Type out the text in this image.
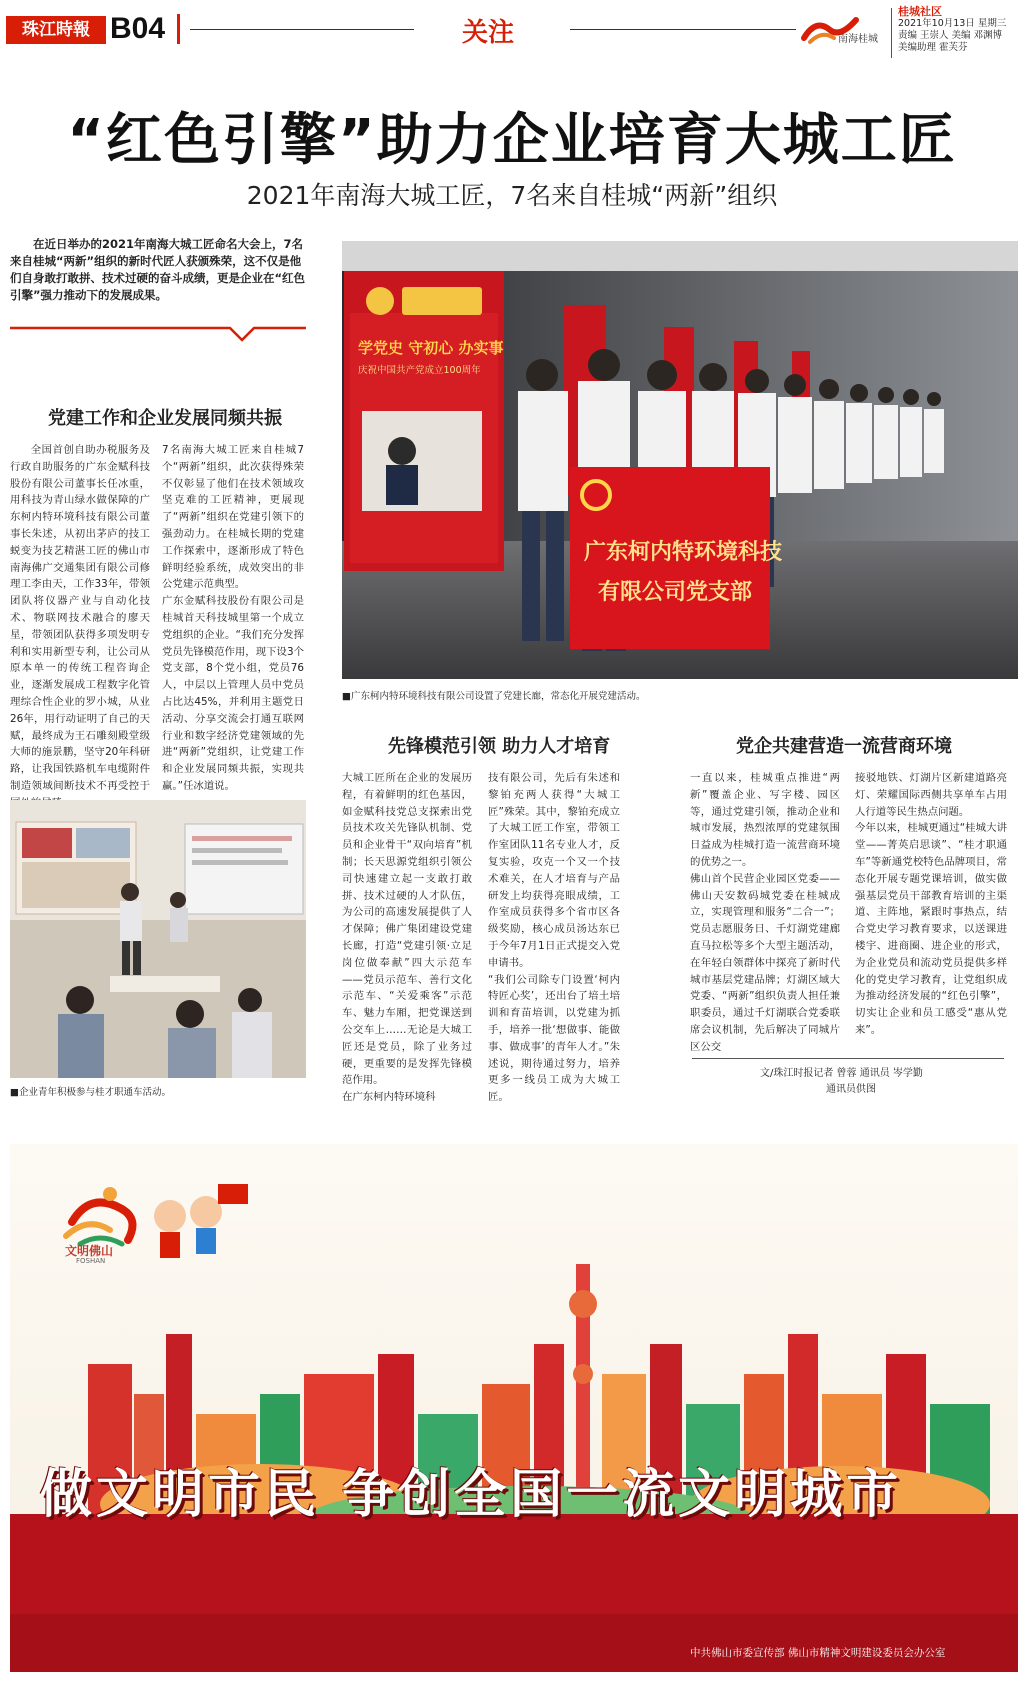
珠江時報 B04	关注	南海桂城
桂城社区
2021年10月13日 星期三
责编 王崇人 美编 邓渊博
美编助理 霍芙芬
“红色引擎”助力企业培育大城工匠
2021年南海大城工匠，7名来自桂城“两新”组织
在近日举办的2021年南海大城工匠命名大会上，7名来自桂城“两新”组织的新时代匠人获颁殊荣，这不仅是他们自身敢打敢拼、技术过硬的奋斗成绩，更是企业在“红色引擎”强力推动下的发展成果。
党建工作和企业发展同频共振

全国首创自助办税服务及行政自助服务的广东金赋科技股份有限公司董事长任冰重，用科技为青山绿水做保障的广东柯内特环境科技有限公司董事长朱述，从初出茅庐的技工蜕变为技艺精湛工匠的佛山市南海佛广交通集团有限公司修理工李由天，工作33年，带领团队将仪器产业与自动化技术、物联网技术融合的廖天星，带领团队获得多项发明专利和实用新型专利，让公司从原本单一的传统工程咨询企业，逐渐发展成工程数字化管理综合性企业的罗小城，从业26年，用行动证明了自己的天赋，最终成为王石雕刻殿堂级大师的施景鹏，坚守20年科研路，让我国铁路机车电缆附件制造领域间断技术不再受控于

7名南海大城工匠来自桂城7个“两新”组织，此次获得殊荣不仅彰显了他们在技术领域攻坚克难的工匠精神，更展现了“两新”组织在党建引领下的强劲动力。在桂城长期的党建工作探索中，逐渐形成了特色鲜明经验系统，成效突出的非公党建示范典型。
广东金赋科技股份有限公司是桂城首天科技城里第一个成立党组织的企业。“我们充分发挥党员先锋模范作用，现下设3个党支部，8个党小组，党员76人，中层以上管理人员中党员占比达45%，并利用主题党日活动、分享交流会打通互联网行业和数字经济党建领域的先进“两新”党组织，让党建工作和企业发展同频共振，实现共赢。”任冰道说。
■企业青年积极参与桂才职通车活动。
学党史 守初心 办实事
庆祝中国共产党成立100周年
广东柯内特环境科技
有限公司党支部
■广东柯内特环境科技有限公司设置了党建长廊，常态化开展党建活动。
先锋模范引领 助力人才培育
大城工匠所在企业的发展历程，有着鲜明的红色基因，如金赋科技党总支探索出党员技术攻关先锋队机制、党员和企业骨干“双向培育”机制；长天思源党组织引领公司快速建立起一支敢打敢拼、技术过硬的人才队伍，为公司的高速发展提供了人才保障；佛广集团建设党建长廊，打造“党建引领·立足岗位做奉献”四大示范车——党员示范车、善行文化示范车、“关爱乘客”示范车、魅力车厢，把党课送到公交车上……无论是大城工匠还是党员，除了业务过硬，更重要的是发挥先锋模范作用。
在广东柯内特环境科
技有限公司，先后有朱述和黎铂充两人获得“大城工匠”殊荣。其中，黎铂充成立了大城工匠工作室，带领工作室团队11名专业人才，反复实验，攻克一个又一个技术难关，在人才培育与产品研发上均获得亮眼成绩，工作室成员获得多个省市区各级奖励，核心成员汤达东已于今年7月1日正式提交入党申请书。
“我们公司除专门设置‘柯内特匠心奖’，还出台了培土培训和育苗培训，以党建为抓手，培养一批‘想做事、能做事、做成事’的青年人才。”朱述说，期待通过努力，培养更多一线员工成为大城工匠。
党企共建营造一流营商环境
一直以来，桂城重点推进“两新”覆盖企业、写字楼、园区等，通过党建引领，推动企业和城市发展，热烈浓厚的党建氛围日益成为桂城打造一流营商环境的优势之一。
佛山首个民营企业园区党委——佛山天安数码城党委在桂城成立，实现管理和服务“二合一”；党员志愿服务日、千灯湖党建廊直马拉松等多个大型主题活动，在年轻白领群体中探亮了新时代城市基层党建品牌；灯湖区域大党委、“两新”组织负责人担任兼职委员，通过千灯湖联合党委联席会议机制，先后解决了同城片区公交
接驳地铁、灯湖片区新建道路亮灯、荣耀国际西侧共享单车占用人行道等民生热点问题。
今年以来，桂城更通过“桂城大讲堂——菁英启思谈”、“桂才职通车”等新通党校特色品牌项目，常态化开展专题党课培训，做实做强基层党员干部教育培训的主渠道、主阵地，紧跟时事热点，结合党史学习教育要求，以送课进楼宇、进商圈、进企业的形式，为企业党员和流动党员提供多样化的党史学习教育，让党组织成为推动经济发展的“红色引擎”，切实让企业和员工感受“惠从党来”。
文/珠江时报记者 曾蓉 通讯员 岑学勤
通讯员供图
文明佛山
FOSHAN
做文明市民 争创全国一流文明城市
中共佛山市委宣传部 佛山市精神文明建设委员会办公室
